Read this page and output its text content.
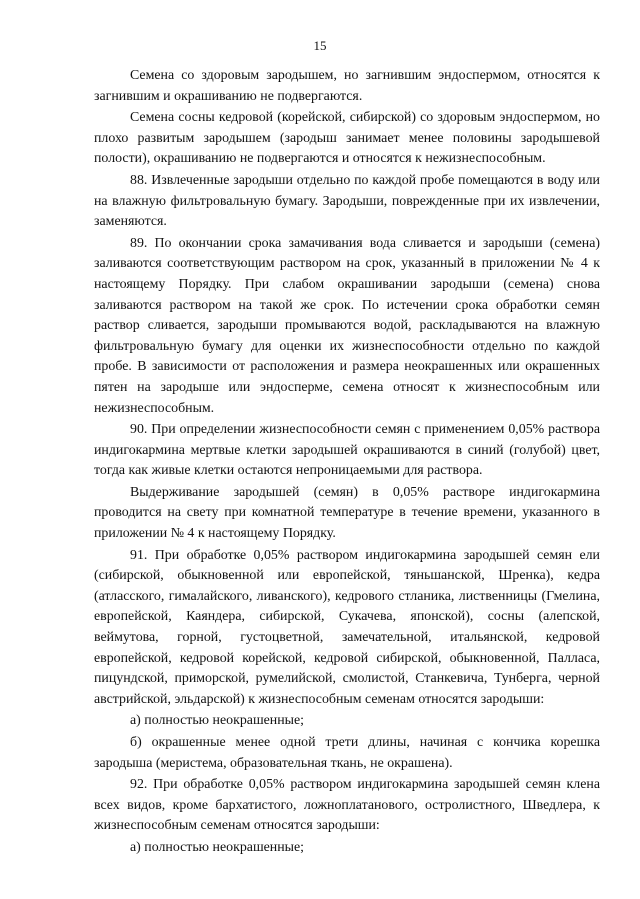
15

Семена со здоровым зародышем, но загнившим эндоспермом, относятся к загнившим и окрашиванию не подвергаются.

Семена сосны кедровой (корейской, сибирской) со здоровым эндоспермом, но плохо развитым зародышем (зародыш занимает менее половины зародышевой полости), окрашиванию не подвергаются и относятся к нежизнеспособным.

88. Извлеченные зародыши отдельно по каждой пробе помещаются в воду или на влажную фильтровальную бумагу. Зародыши, поврежденные при их извлечении, заменяются.

89. По окончании срока замачивания вода сливается и зародыши (семена) заливаются соответствующим раствором на срок, указанный в приложении № 4 к настоящему Порядку. При слабом окрашивании зародыши (семена) снова заливаются раствором на такой же срок. По истечении срока обработки семян раствор сливается, зародыши промываются водой, раскладываются на влажную фильтровальную бумагу для оценки их жизнеспособности отдельно по каждой пробе. В зависимости от расположения и размера неокрашенных или окрашенных пятен на зародыше или эндосперме, семена относят к жизнеспособным или нежизнеспособным.

90. При определении жизнеспособности семян с применением 0,05% раствора индигокармина мертвые клетки зародышей окрашиваются в синий (голубой) цвет, тогда как живые клетки остаются непроницаемыми для раствора.

Выдерживание зародышей (семян) в 0,05% растворе индигокармина проводится на свету при комнатной температуре в течение времени, указанного в приложении № 4 к настоящему Порядку.

91. При обработке 0,05% раствором индигокармина зародышей семян ели (сибирской, обыкновенной или европейской, тяньшанской, Шренка), кедра (атласского, гималайского, ливанского), кедрового стланика, лиственницы (Гмелина, европейской, Каяндера, сибирской, Сукачева, японской), сосны (алепской, веймутова, горной, густоцветной, замечательной, итальянской, кедровой европейской, кедровой корейской, кедровой сибирской, обыкновенной, Палласа, пицундской, приморской, румелийской, смолистой, Станкевича, Тунберга, черной австрийской, эльдарской) к жизнеспособным семенам относятся зародыши:

а) полностью неокрашенные;

б) окрашенные менее одной трети длины, начиная с кончика корешка зародыша (меристема, образовательная ткань, не окрашена).

92. При обработке 0,05% раствором индигокармина зародышей семян клена всех видов, кроме бархатистого, ложноплатанового, остролистного, Шведлера, к жизнеспособным семенам относятся зародыши:

а) полностью неокрашенные;
